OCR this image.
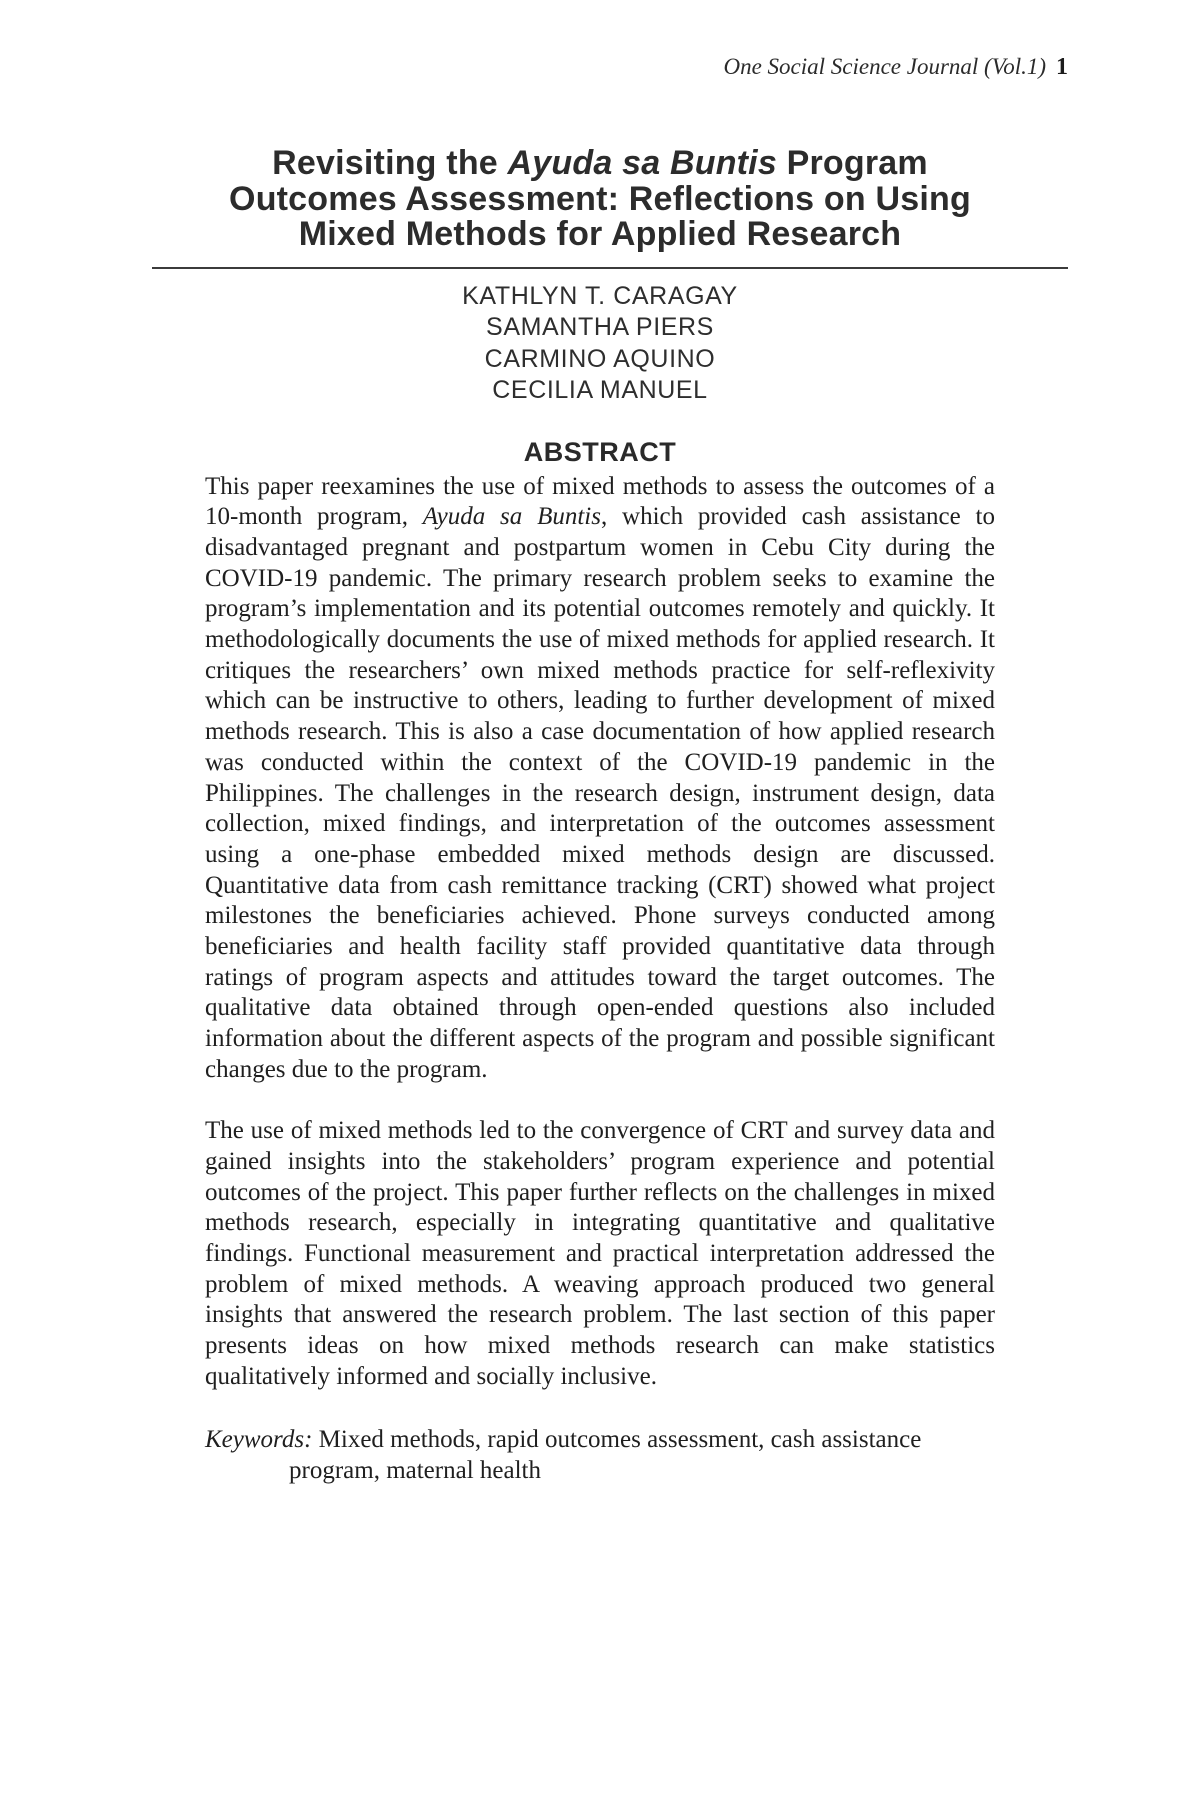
One Social Science Journal (Vol.1) 1
Revisiting the Ayuda sa Buntis Program Outcomes Assessment: Reflections on Using Mixed Methods for Applied Research
KATHLYN T. CARAGAY
SAMANTHA PIERS
CARMINO AQUINO
CECILIA MANUEL
ABSTRACT

This paper reexamines the use of mixed methods to assess the outcomes of a 10-month program, Ayuda sa Buntis, which provided cash assistance to disadvantaged pregnant and postpartum women in Cebu City during the COVID-19 pandemic. The primary research problem seeks to examine the program’s implementation and its potential outcomes remotely and quickly. It methodologically documents the use of mixed methods for applied research. It critiques the researchers’ own mixed methods practice for self-reflexivity which can be instructive to others, leading to further development of mixed methods research. This is also a case documentation of how applied research was conducted within the context of the COVID-19 pandemic in the Philippines. The challenges in the research design, instrument design, data collection, mixed findings, and interpretation of the outcomes assessment using a one-phase embedded mixed methods design are discussed. Quantitative data from cash remittance tracking (CRT) showed what project milestones the beneficiaries achieved. Phone surveys conducted among beneficiaries and health facility staff provided quantitative data through ratings of program aspects and attitudes toward the target outcomes. The qualitative data obtained through open-ended questions also included information about the different aspects of the program and possible significant changes due to the program.

The use of mixed methods led to the convergence of CRT and survey data and gained insights into the stakeholders’ program experience and potential outcomes of the project. This paper further reflects on the challenges in mixed methods research, especially in integrating quantitative and qualitative findings. Functional measurement and practical interpretation addressed the problem of mixed methods. A weaving approach produced two general insights that answered the research problem. The last section of this paper presents ideas on how mixed methods research can make statistics qualitatively informed and socially inclusive.

Keywords: Mixed methods, rapid outcomes assessment, cash assistance program, maternal health
